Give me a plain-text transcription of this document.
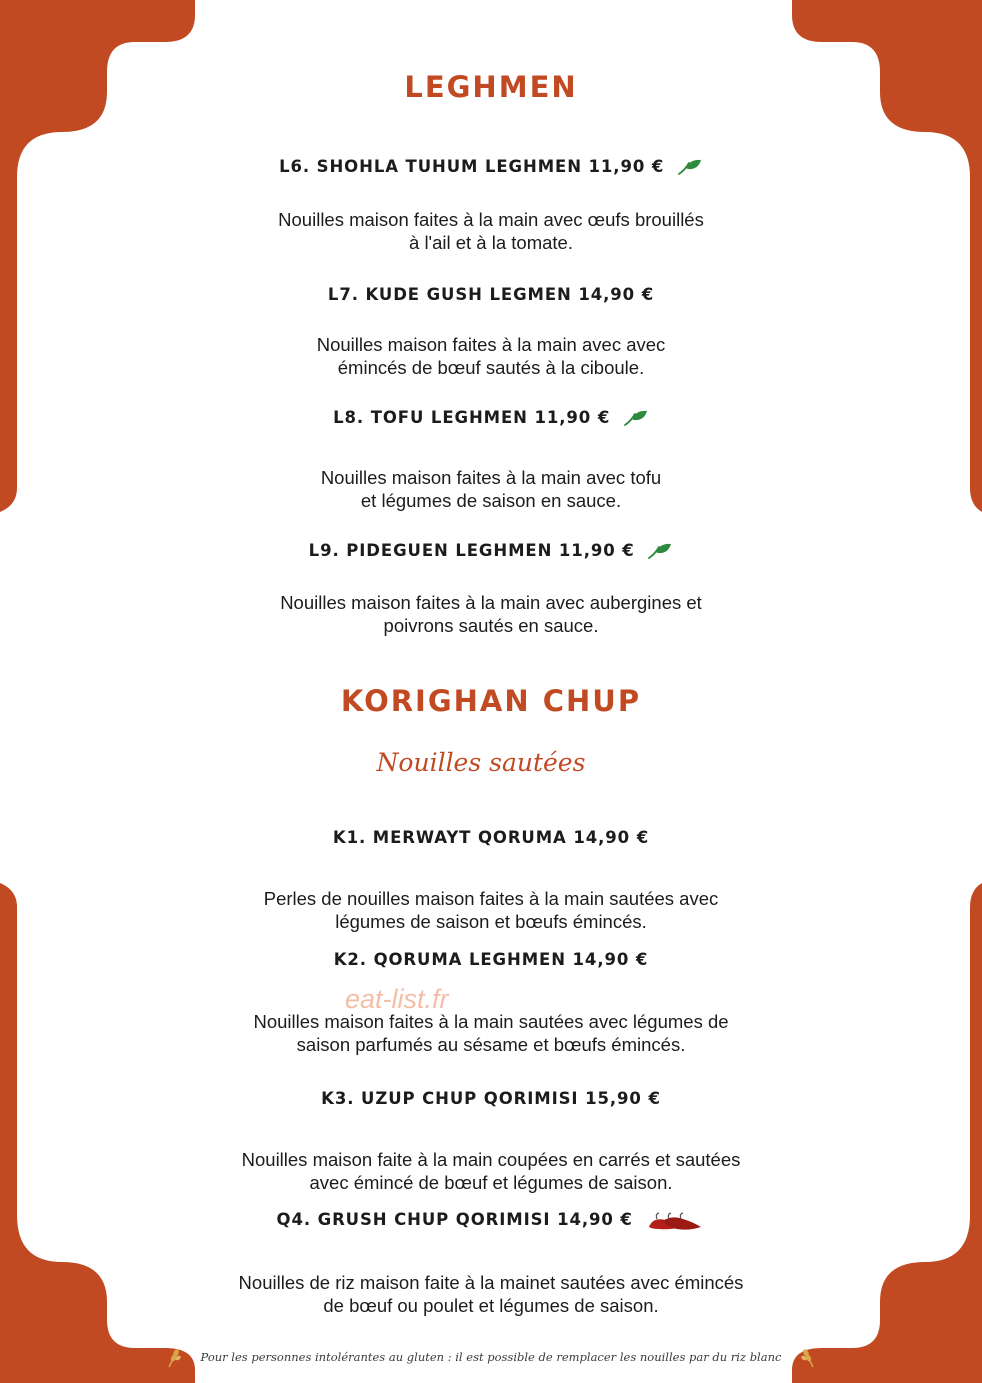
LEGHMEN
L6. SHOHLA TUHUM LEGHMEN 11,90 €
Nouilles maison faites à la main avec œufs brouillés
à l'ail et à la tomate.
L7. KUDE GUSH LEGMEN 14,90 €
Nouilles maison faites à la main avec avec
émincés de bœuf sautés à la ciboule.
L8. TOFU LEGHMEN 11,90 €
Nouilles maison faites à la main avec tofu
et légumes de saison en sauce.
L9. PIDEGUEN LEGHMEN 11,90 €
Nouilles maison faites à la main avec aubergines et
poivrons sautés en sauce.
KORIGHAN CHUP
Nouilles sautées
K1. MERWAYT QORUMA 14,90 €
Perles de nouilles maison faites à la main sautées avec
légumes de saison et bœufs émincés.
K2. QORUMA LEGHMEN 14,90 €
Nouilles maison faites à la main sautées avec légumes de
saison parfumés au sésame et bœufs émincés.
eat-list.fr
K3. UZUP CHUP QORIMISI 15,90 €
Nouilles maison faite à la main coupées en carrés et sautées
avec émincé de bœuf et légumes de saison.
Q4. GRUSH CHUP QORIMISI 14,90 €
Nouilles de riz maison faite à la mainet sautées avec émincés
de bœuf ou poulet et légumes de saison.
Pour les personnes intolérantes au gluten : il est possible de remplacer les nouilles par du riz blanc
